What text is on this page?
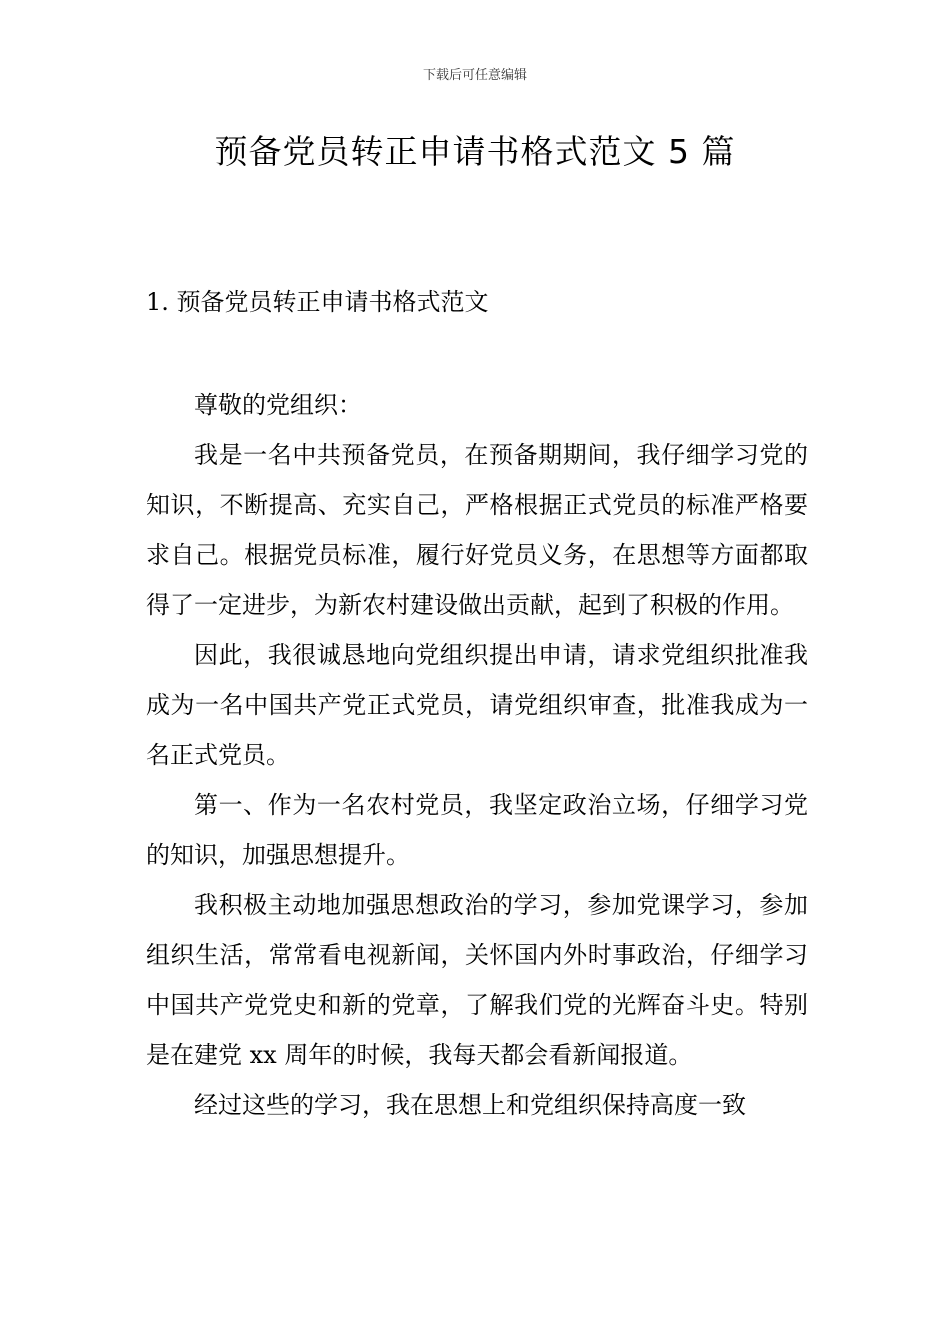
下载后可任意编辑
预备党员转正申请书格式范文 5 篇
1. 预备党员转正申请书格式范文

尊敬的党组织：

我是一名中共预备党员，在预备期期间，我仔细学习党的知识，不断提高、充实自己，严格根据正式党员的标准严格要求自己。根据党员标准，履行好党员义务，在思想等方面都取得了一定进步，为新农村建设做出贡献，起到了积极的作用。

因此，我很诚恳地向党组织提出申请，请求党组织批准我成为一名中国共产党正式党员，请党组织审查，批准我成为一名正式党员。

第一、作为一名农村党员，我坚定政治立场，仔细学习党的知识，加强思想提升。

我积极主动地加强思想政治的学习，参加党课学习，参加组织生活，常常看电视新闻，关怀国内外时事政治，仔细学习中国共产党党史和新的党章，了解我们党的光辉奋斗史。特别是在建党 xx 周年的时候，我每天都会看新闻报道。

经过这些的学习，我在思想上和党组织保持高度一致
